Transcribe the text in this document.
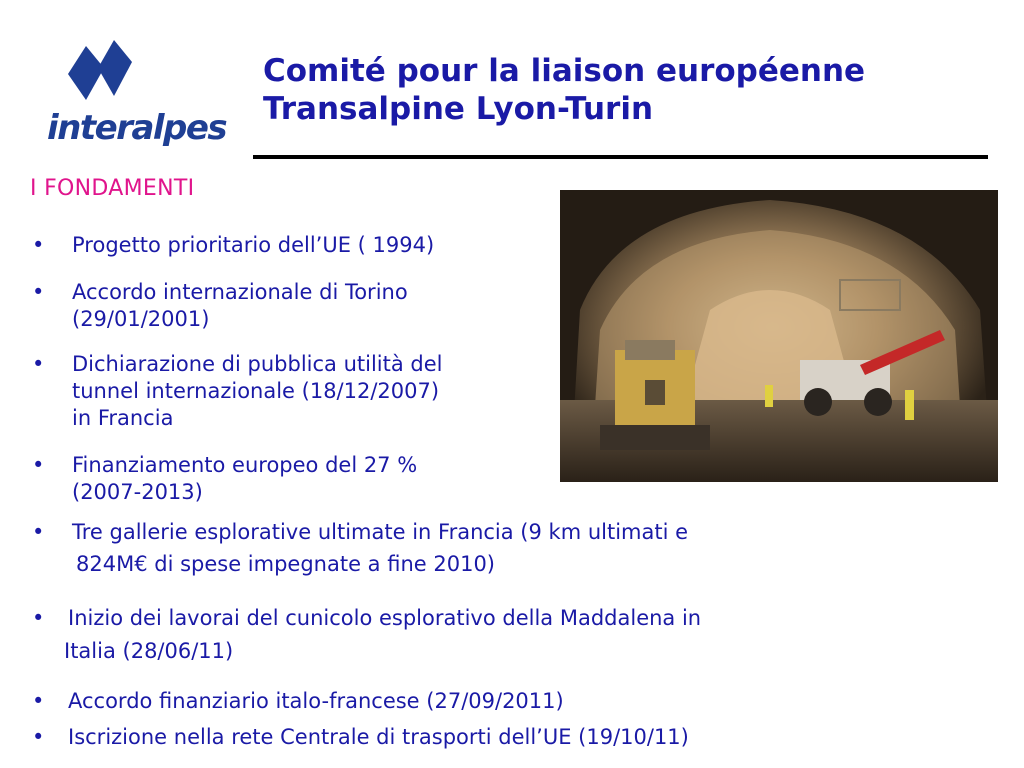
interalpes
Comité pour la liaison européenne
Transalpine Lyon-Turin
I FONDAMENTI
• Progetto prioritario dell’UE ( 1994)
• Accordo internazionale di Torino
(29/01/2001)
• Dichiarazione di pubblica utilità del
tunnel internazionale (18/12/2007)
in Francia
• Finanziamento europeo del 27 %
(2007-2013)
• Tre gallerie esplorative ultimate in Francia (9 km ultimati e
824M€ di spese impegnate a fine 2010)
• Inizio dei lavorai del cunicolo esplorativo della Maddalena in
Italia (28/06/11)
• Accordo finanziario italo-francese (27/09/2011)
• Iscrizione nella rete Centrale di trasporti dell’UE (19/10/11)
